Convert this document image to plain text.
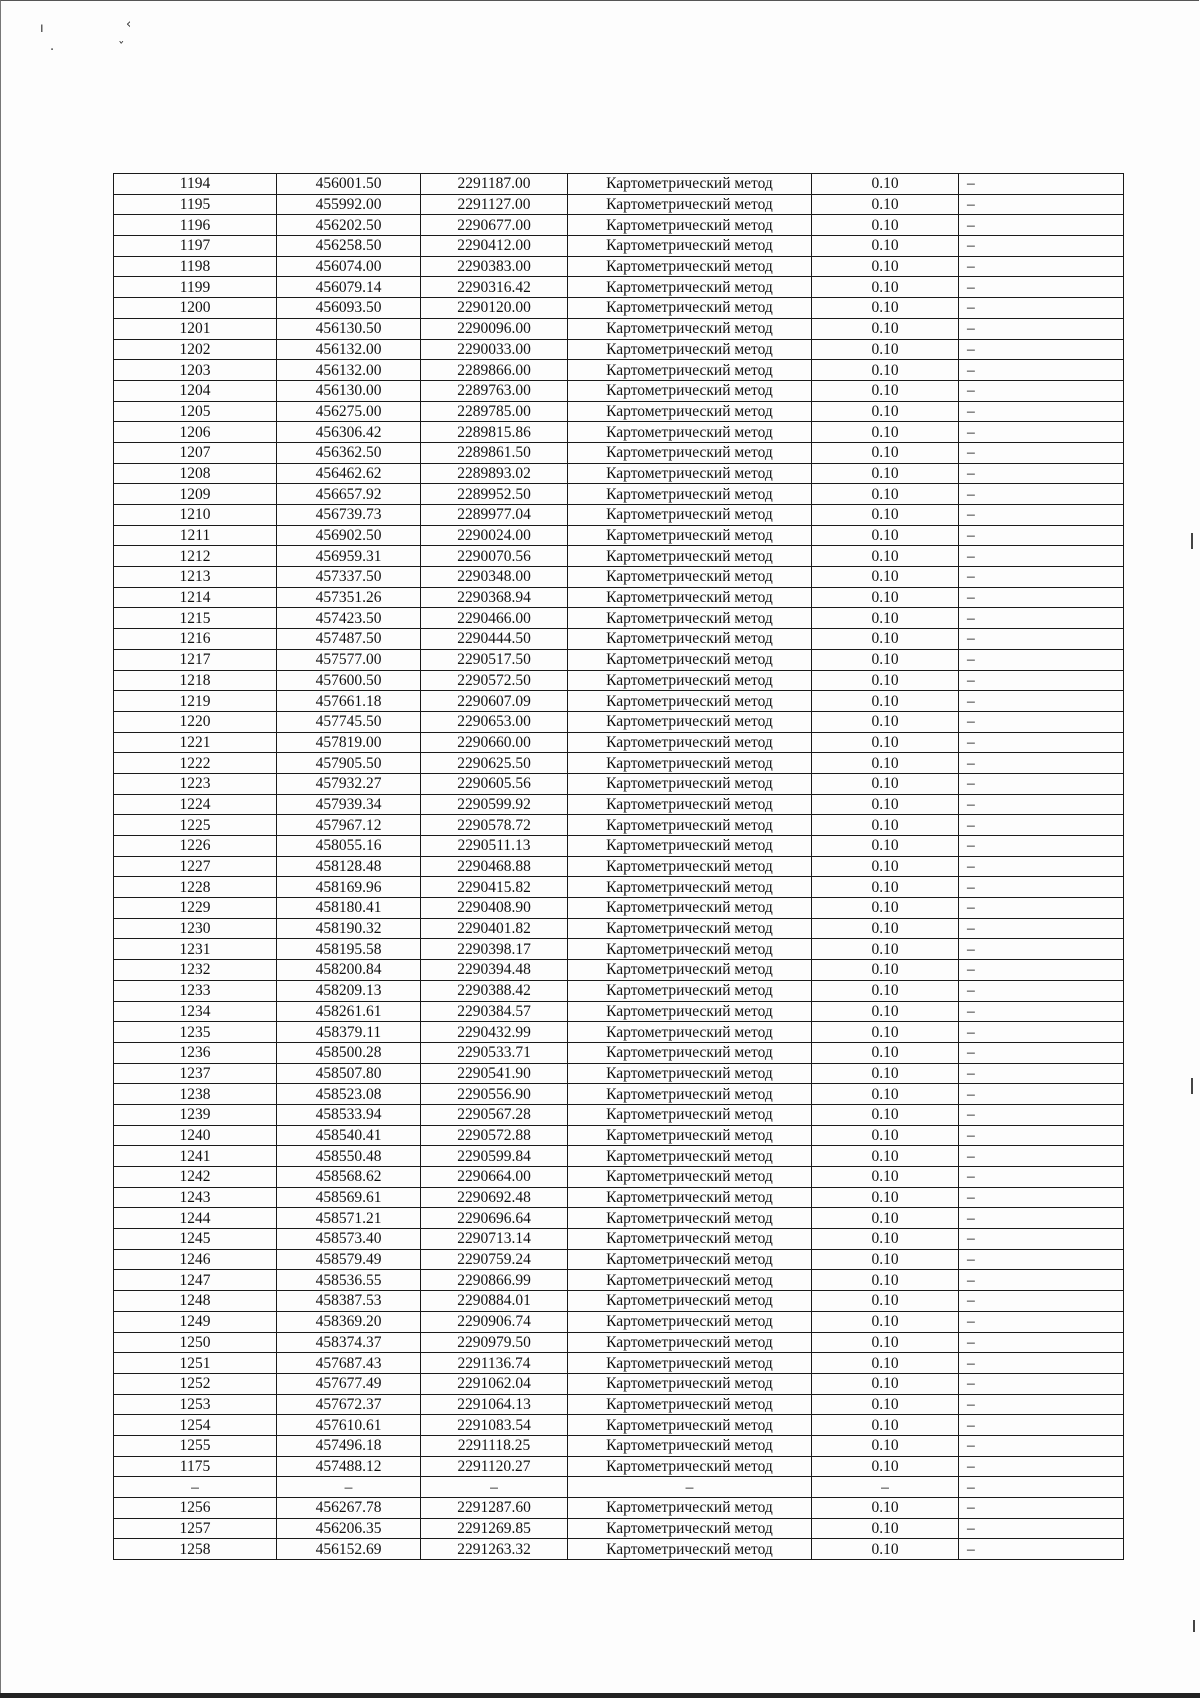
ı	‹
·	ˇ
1194	456001.50	2291187.00	Картометрический метод	0.10	–
1195	455992.00	2291127.00	Картометрический метод	0.10	–
1196	456202.50	2290677.00	Картометрический метод	0.10	–
1197	456258.50	2290412.00	Картометрический метод	0.10	–
1198	456074.00	2290383.00	Картометрический метод	0.10	–
1199	456079.14	2290316.42	Картометрический метод	0.10	–
1200	456093.50	2290120.00	Картометрический метод	0.10	–
1201	456130.50	2290096.00	Картометрический метод	0.10	–
1202	456132.00	2290033.00	Картометрический метод	0.10	–
1203	456132.00	2289866.00	Картометрический метод	0.10	–
1204	456130.00	2289763.00	Картометрический метод	0.10	–
1205	456275.00	2289785.00	Картометрический метод	0.10	–
1206	456306.42	2289815.86	Картометрический метод	0.10	–
1207	456362.50	2289861.50	Картометрический метод	0.10	–
1208	456462.62	2289893.02	Картометрический метод	0.10	–
1209	456657.92	2289952.50	Картометрический метод	0.10	–
1210	456739.73	2289977.04	Картометрический метод	0.10	–
1211	456902.50	2290024.00	Картометрический метод	0.10	–
1212	456959.31	2290070.56	Картометрический метод	0.10	–
1213	457337.50	2290348.00	Картометрический метод	0.10	–
1214	457351.26	2290368.94	Картометрический метод	0.10	–
1215	457423.50	2290466.00	Картометрический метод	0.10	–
1216	457487.50	2290444.50	Картометрический метод	0.10	–
1217	457577.00	2290517.50	Картометрический метод	0.10	–
1218	457600.50	2290572.50	Картометрический метод	0.10	–
1219	457661.18	2290607.09	Картометрический метод	0.10	–
1220	457745.50	2290653.00	Картометрический метод	0.10	–
1221	457819.00	2290660.00	Картометрический метод	0.10	–
1222	457905.50	2290625.50	Картометрический метод	0.10	–
1223	457932.27	2290605.56	Картометрический метод	0.10	–
1224	457939.34	2290599.92	Картометрический метод	0.10	–
1225	457967.12	2290578.72	Картометрический метод	0.10	–
1226	458055.16	2290511.13	Картометрический метод	0.10	–
1227	458128.48	2290468.88	Картометрический метод	0.10	–
1228	458169.96	2290415.82	Картометрический метод	0.10	–
1229	458180.41	2290408.90	Картометрический метод	0.10	–
1230	458190.32	2290401.82	Картометрический метод	0.10	–
1231	458195.58	2290398.17	Картометрический метод	0.10	–
1232	458200.84	2290394.48	Картометрический метод	0.10	–
1233	458209.13	2290388.42	Картометрический метод	0.10	–
1234	458261.61	2290384.57	Картометрический метод	0.10	–
1235	458379.11	2290432.99	Картометрический метод	0.10	–
1236	458500.28	2290533.71	Картометрический метод	0.10	–
1237	458507.80	2290541.90	Картометрический метод	0.10	–
1238	458523.08	2290556.90	Картометрический метод	0.10	–
1239	458533.94	2290567.28	Картометрический метод	0.10	–
1240	458540.41	2290572.88	Картометрический метод	0.10	–
1241	458550.48	2290599.84	Картометрический метод	0.10	–
1242	458568.62	2290664.00	Картометрический метод	0.10	–
1243	458569.61	2290692.48	Картометрический метод	0.10	–
1244	458571.21	2290696.64	Картометрический метод	0.10	–
1245	458573.40	2290713.14	Картометрический метод	0.10	–
1246	458579.49	2290759.24	Картометрический метод	0.10	–
1247	458536.55	2290866.99	Картометрический метод	0.10	–
1248	458387.53	2290884.01	Картометрический метод	0.10	–
1249	458369.20	2290906.74	Картометрический метод	0.10	–
1250	458374.37	2290979.50	Картометрический метод	0.10	–
1251	457687.43	2291136.74	Картометрический метод	0.10	–
1252	457677.49	2291062.04	Картометрический метод	0.10	–
1253	457672.37	2291064.13	Картометрический метод	0.10	–
1254	457610.61	2291083.54	Картометрический метод	0.10	–
1255	457496.18	2291118.25	Картометрический метод	0.10	–
1175	457488.12	2291120.27	Картометрический метод	0.10	–
–	–	–	–	–	–
1256	456267.78	2291287.60	Картометрический метод	0.10	–
1257	456206.35	2291269.85	Картометрический метод	0.10	–
1258	456152.69	2291263.32	Картометрический метод	0.10	–
